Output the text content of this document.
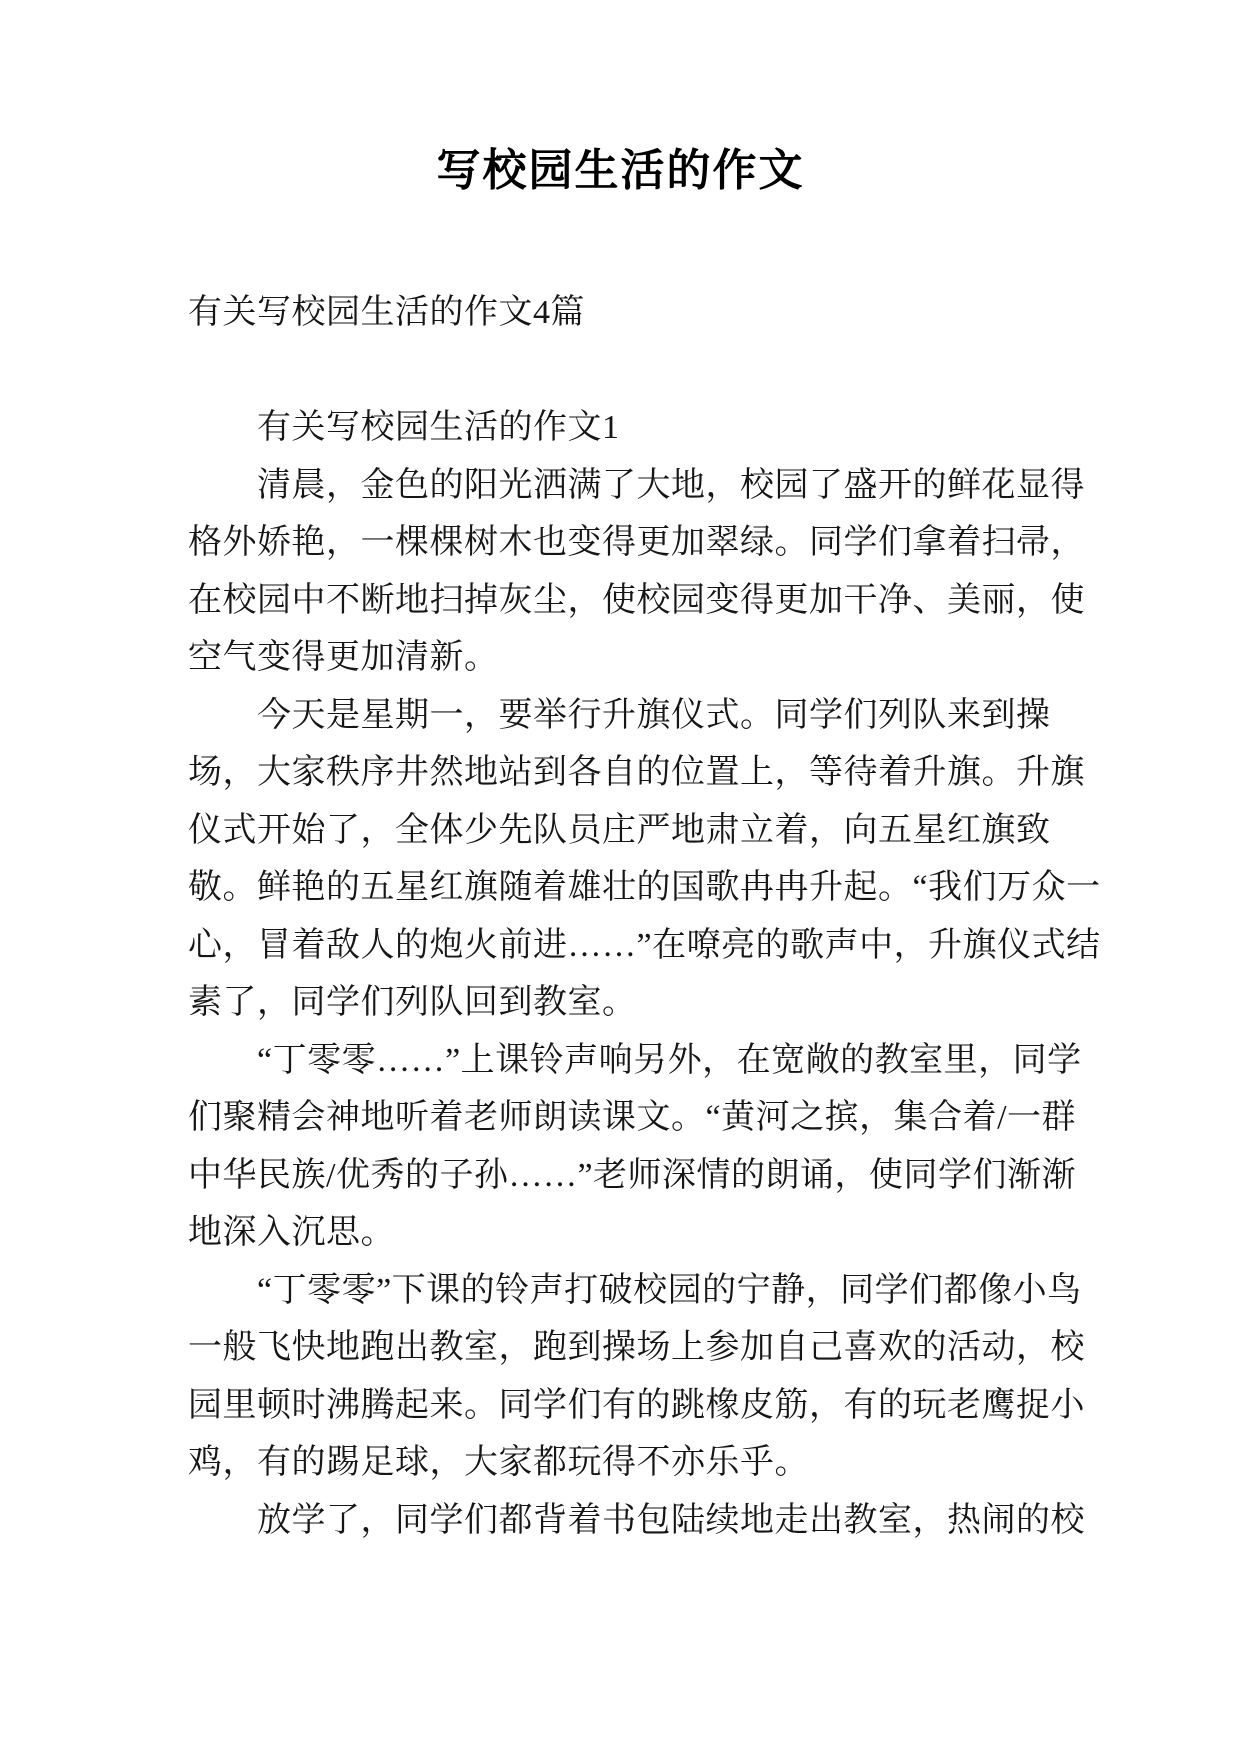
写校园生活的作文

有关写校园生活的作文4篇

有关写校园生活的作文1

清晨，金色的阳光洒满了大地，校园了盛开的鲜花显得格外娇艳，一棵棵树木也变得更加翠绿。同学们拿着扫帚，在校园中不断地扫掉灰尘，使校园变得更加干净、美丽，使空气变得更加清新。

今天是星期一，要举行升旗仪式。同学们列队来到操场，大家秩序井然地站到各自的位置上，等待着升旗。升旗仪式开始了，全体少先队员庄严地肃立着，向五星红旗致敬。鲜艳的五星红旗随着雄壮的国歌冉冉升起。“我们万众一心，冒着敌人的炮火前进……”在嘹亮的歌声中，升旗仪式结素了，同学们列队回到教室。

“丁零零……”上课铃声响另外，在宽敞的教室里，同学们聚精会神地听着老师朗读课文。“黄河之摈，集合着/一群中华民族/优秀的子孙……”老师深情的朗诵，使同学们渐渐地深入沉思。

“丁零零”下课的铃声打破校园的宁静，同学们都像小鸟一般飞快地跑出教室，跑到操场上参加自己喜欢的活动，校园里顿时沸腾起来。同学们有的跳橡皮筋，有的玩老鹰捉小鸡，有的踢足球，大家都玩得不亦乐乎。

放学了，同学们都背着书包陆续地走出教室，热闹的校
